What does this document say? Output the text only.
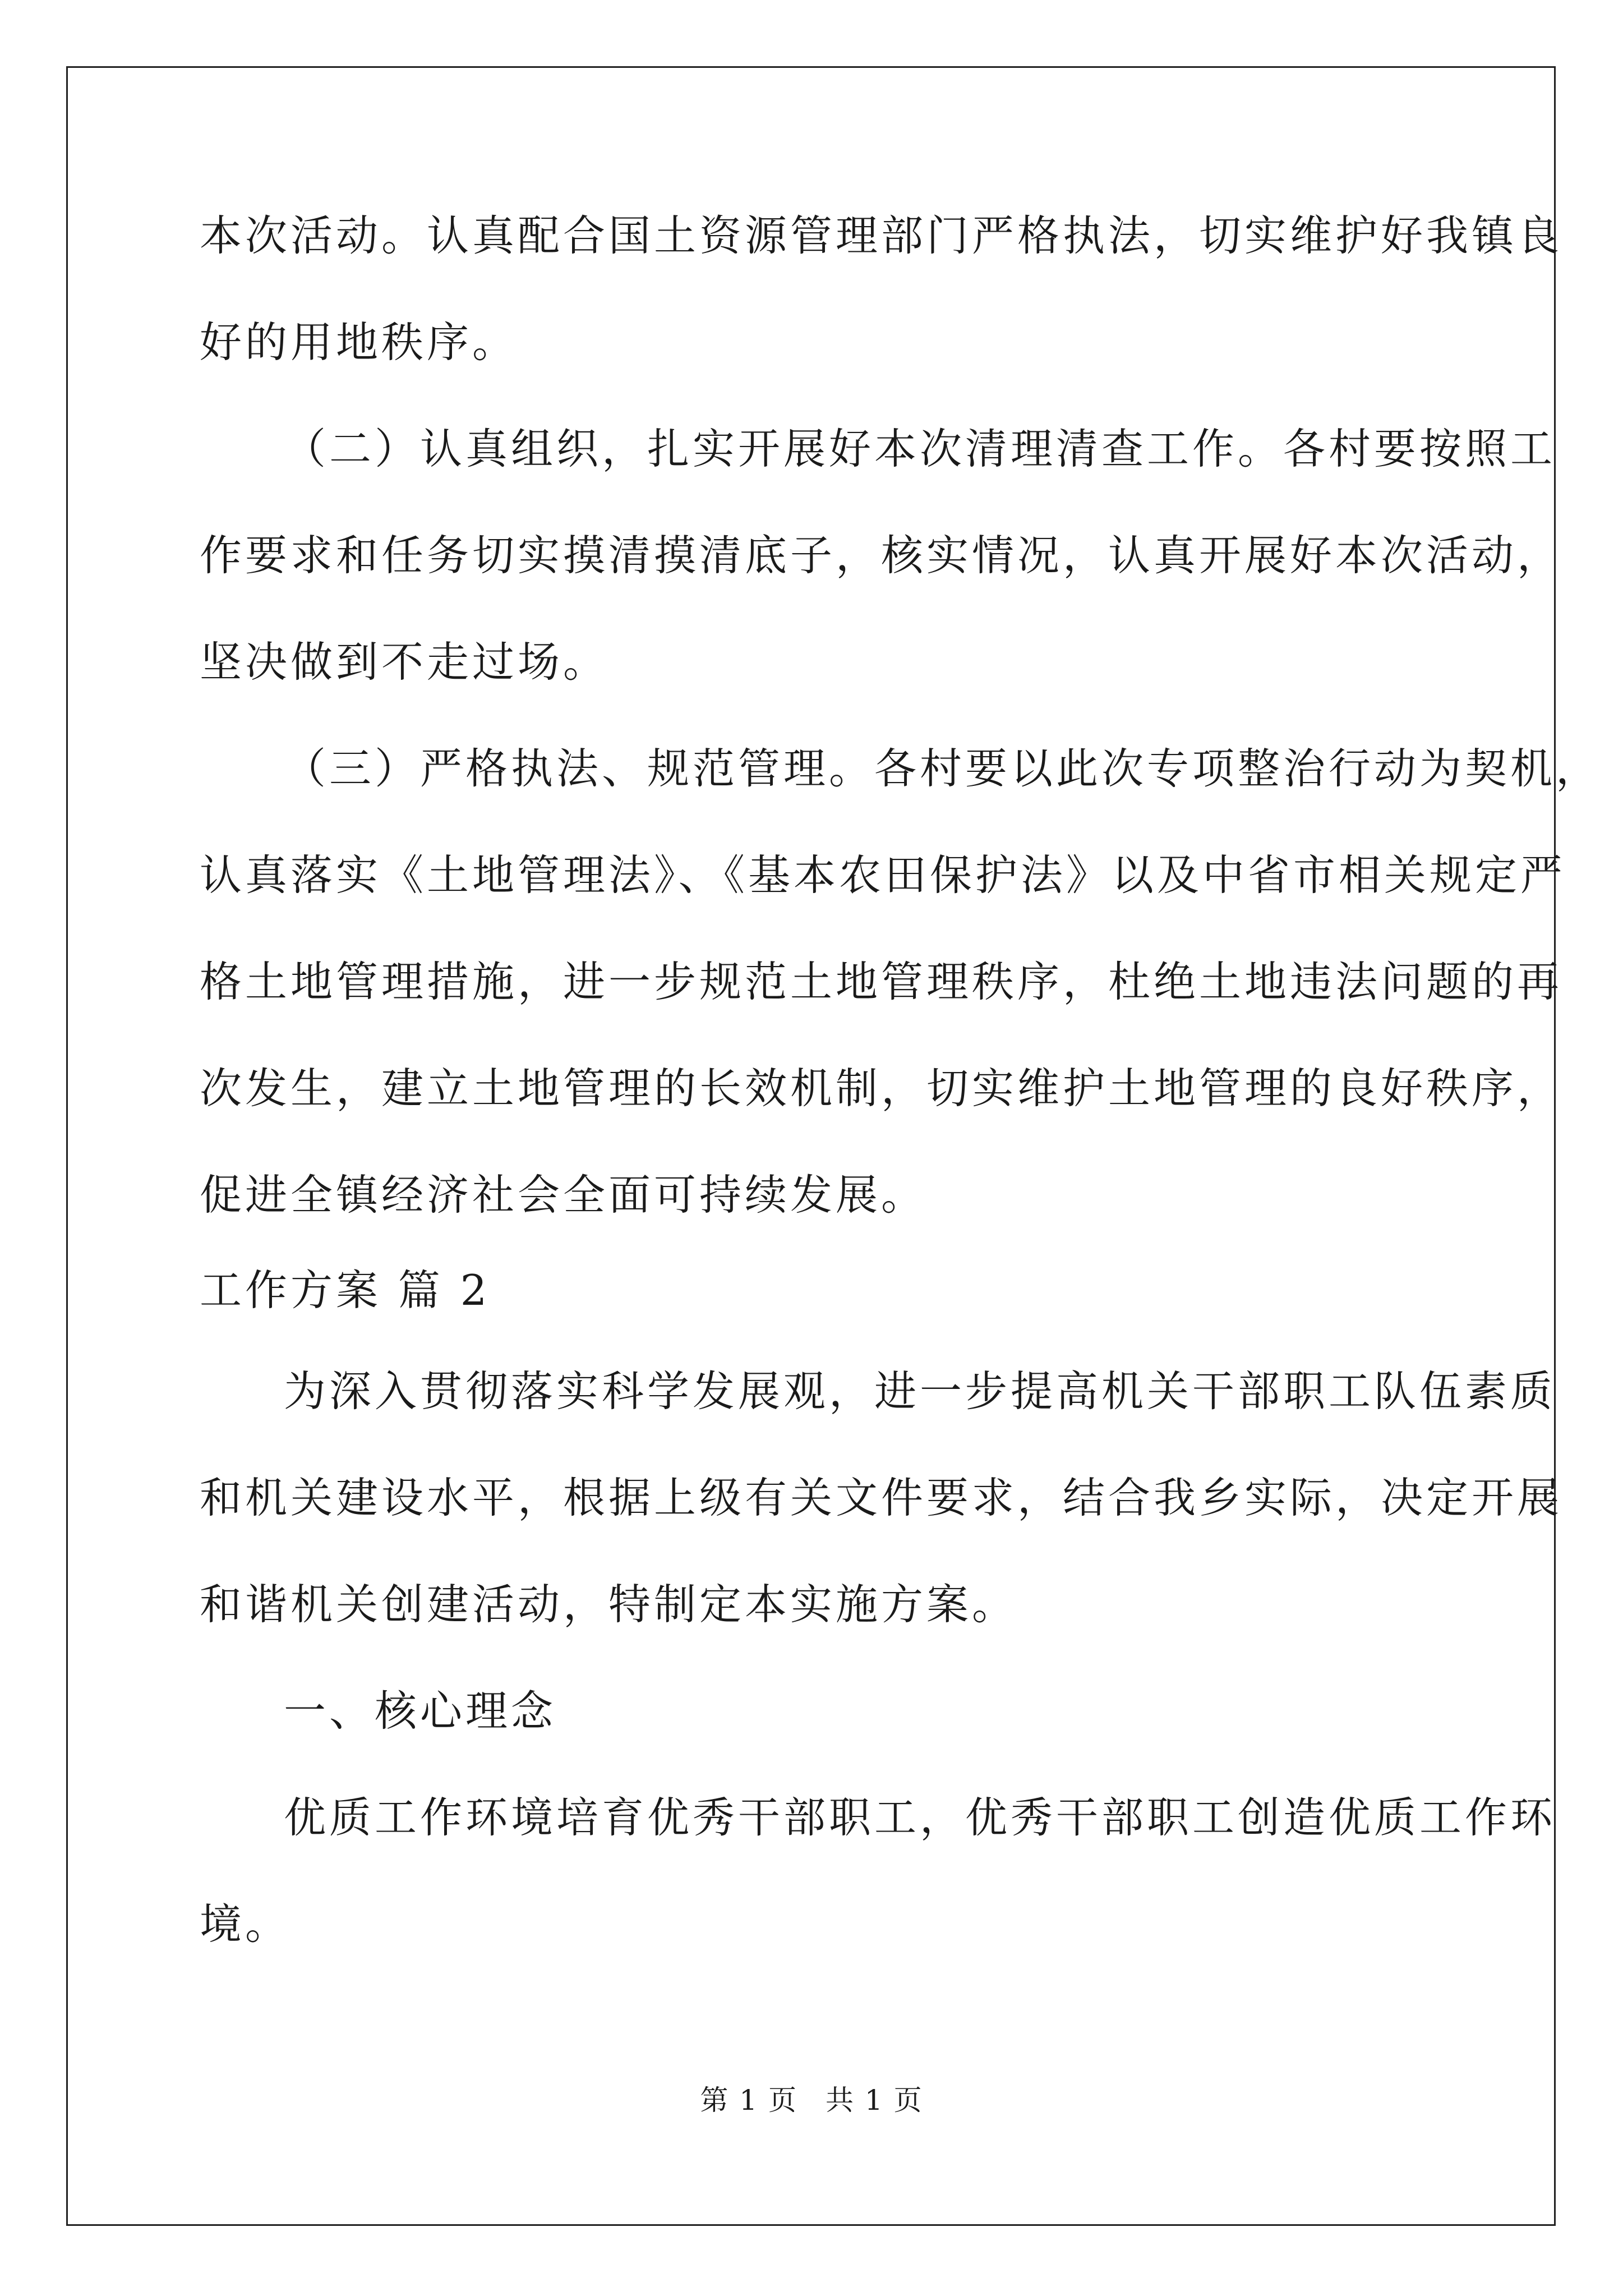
本次活动。认真配合国土资源管理部门严格执法，切实维护好我镇良
好的用地秩序。
（二）认真组织，扎实开展好本次清理清查工作。各村要按照工
作要求和任务切实摸清摸清底子，核实情况，认真开展好本次活动，
坚决做到不走过场。
（三）严格执法、规范管理。各村要以此次专项整治行动为契机，
认真落实《土地管理法》、《基本农田保护法》以及中省市相关规定严
格土地管理措施，进一步规范土地管理秩序，杜绝土地违法问题的再
次发生，建立土地管理的长效机制，切实维护土地管理的良好秩序，
促进全镇经济社会全面可持续发展。
工作方案 篇 2
为深入贯彻落实科学发展观，进一步提高机关干部职工队伍素质
和机关建设水平，根据上级有关文件要求，结合我乡实际，决定开展
和谐机关创建活动，特制定本实施方案。
一、核心理念
优质工作环境培育优秀干部职工，优秀干部职工创造优质工作环
境。
第 1 页 共 1 页
